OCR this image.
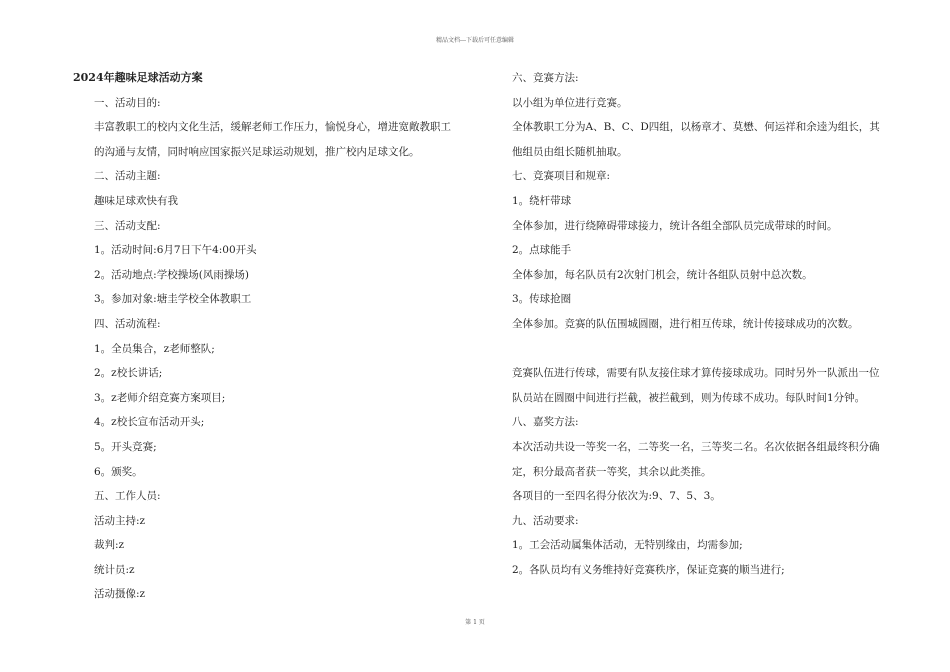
精品文档---下载后可任意编辑
2024年趣味足球活动方案
一、活动目的:
丰富教职工的校内文化生活，缓解老师工作压力，愉悦身心，增进宽敞教职工的沟通与友情，同时响应国家振兴足球运动规划，推广校内足球文化。
二、活动主题:
趣味足球欢快有我
三、活动支配:
1。活动时间:6月7日下午4:00开头
2。活动地点:学校操场(风雨操场)
3。参加对象:塘圭学校全体教职工
四、活动流程:
1。全员集合，z老师整队;
2。z校长讲话;
3。z老师介绍竞赛方案项目;
4。z校长宣布活动开头;
5。开头竞赛;
6。颁奖。
五、工作人员:
活动主持:z
裁判:z
统计员:z
活动摄像:z
六、竞赛方法:
以小组为单位进行竞赛。
全体教职工分为A、B、C、D四组，以杨章才、莫懋、何运祥和余逵为组长，其他组员由组长随机抽取。
七、竞赛项目和规章:
1。绕杆带球
全体参加，进行绕障碍带球接力，统计各组全部队员完成带球的时间。
2。点球能手
全体参加，每名队员有2次射门机会，统计各组队员射中总次数。
3。传球抢圈
全体参加。竞赛的队伍围城圆圈，进行相互传球，统计传接球成功的次数。
竞赛队伍进行传球，需要有队友接住球才算传接球成功。同时另外一队派出一位队员站在圆圈中间进行拦截，被拦截到，则为传球不成功。每队时间1分钟。
八、嘉奖方法:
本次活动共设一等奖一名，二等奖一名，三等奖二名。名次依据各组最终积分确定，积分最高者获一等奖，其余以此类推。
各项目的一至四名得分依次为:9、7、5、3。
九、活动要求:
1。工会活动属集体活动，无特别缘由，均需参加;
2。各队员均有义务维持好竞赛秩序，保证竞赛的顺当进行;
第 1 页
